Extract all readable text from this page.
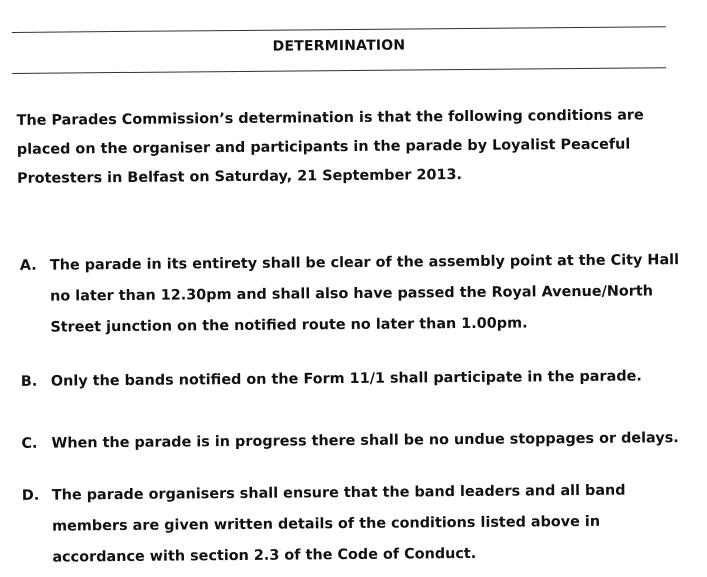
DETERMINATION

The Parades Commission’s determination is that the following conditions are
placed on the organiser and participants in the parade by Loyalist Peaceful
Protesters in Belfast on Saturday, 21 September 2013.

A. The parade in its entirety shall be clear of the assembly point at the City Hall
no later than 12.30pm and shall also have passed the Royal Avenue/North
Street junction on the notified route no later than 1.00pm.
B. Only the bands notified on the Form 11/1 shall participate in the parade.
C. When the parade is in progress there shall be no undue stoppages or delays.
D. The parade organisers shall ensure that the band leaders and all band
members are given written details of the conditions listed above in
accordance with section 2.3 of the Code of Conduct.
